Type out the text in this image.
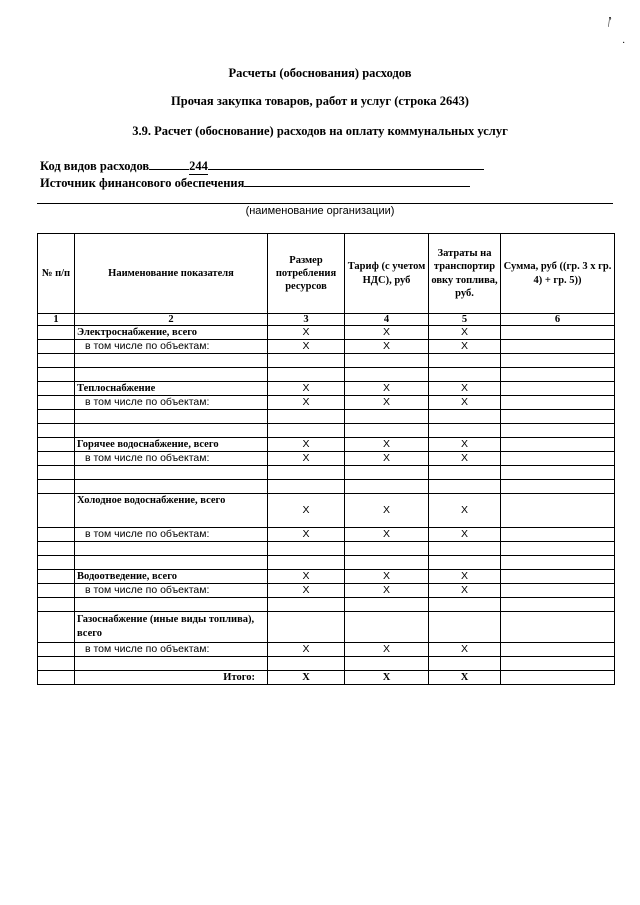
⁄’
·
Расчеты (обоснования) расходов
Прочая закупка товаров, работ и услуг (строка 2643)
3.9. Расчет (обоснование) расходов на оплату коммунальных услуг
Код видов расходов	244
Источник финансового обеспечения
(наименование организации)
№ п/п	Наименование показателя	Размер потребления ресурсов	Тариф (с учетом НДС), руб	Затраты на транспортир овку топлива, руб.	Сумма, руб ((гр. 3 х гр. 4) + гр. 5))
1	2	3	4	5	6
	Электроснабжение, всего	X	X	X	
	в том числе по объектам:	X	X	X	

	Теплоснабжение	X	X	X	
	в том числе по объектам:	X	X	X	

	Горячее водоснабжение, всего	X	X	X	
	в том числе по объектам:	X	X	X	

	Холодное водоснабжение, всего	X	X	X	
	в том числе по объектам:	X	X	X	

	Водоотведение, всего	X	X	X	
	в том числе по объектам:	X	X	X	

	Газоснабжение (иные виды топлива), всего				
	в том числе по объектам:	X	X	X	

	Итого:	X	X	X	
